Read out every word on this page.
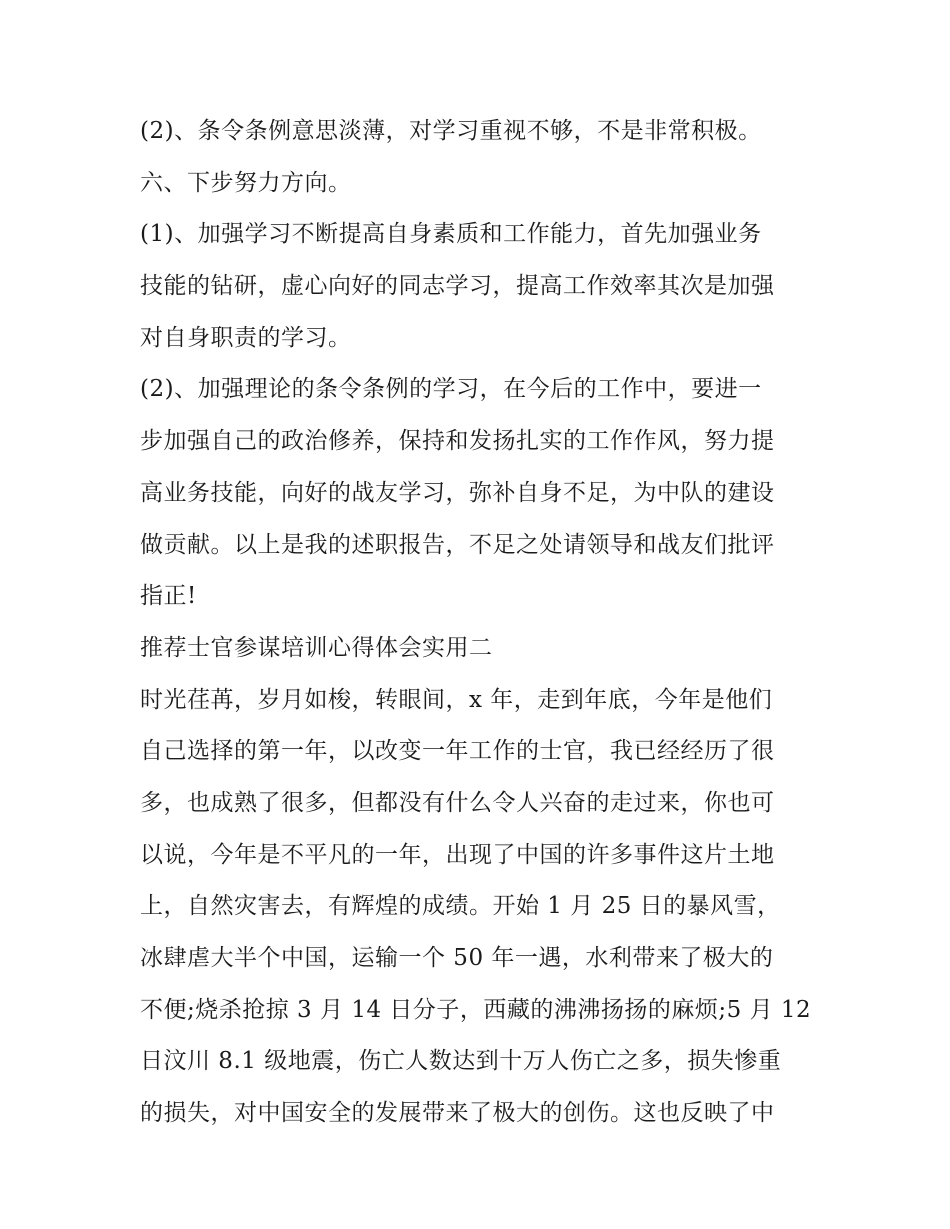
(2)、条令条例意思淡薄，对学习重视不够，不是非常积极。
六、下步努力方向。
(1)、加强学习不断提高自身素质和工作能力，首先加强业务
技能的钻研，虚心向好的同志学习，提高工作效率其次是加强
对自身职责的学习。
(2)、加强理论的条令条例的学习，在今后的工作中，要进一
步加强自己的政治修养，保持和发扬扎实的工作作风，努力提
高业务技能，向好的战友学习，弥补自身不足，为中队的建设
做贡献。以上是我的述职报告，不足之处请领导和战友们批评
指正!
推荐士官参谋培训心得体会实用二
时光荏苒，岁月如梭，转眼间，x 年，走到年底，今年是他们
自己选择的第一年，以改变一年工作的士官，我已经经历了很
多，也成熟了很多，但都没有什么令人兴奋的走过来，你也可
以说，今年是不平凡的一年，出现了中国的许多事件这片土地
上，自然灾害去，有辉煌的成绩。开始 1 月 25 日的暴风雪，
冰肆虐大半个中国，运输一个 50 年一遇，水利带来了极大的
不便;烧杀抢掠 3 月 14 日分子，西藏的沸沸扬扬的麻烦;5 月 12
日汶川 8.1 级地震，伤亡人数达到十万人伤亡之多，损失惨重
的损失，对中国安全的发展带来了极大的创伤。这也反映了中
